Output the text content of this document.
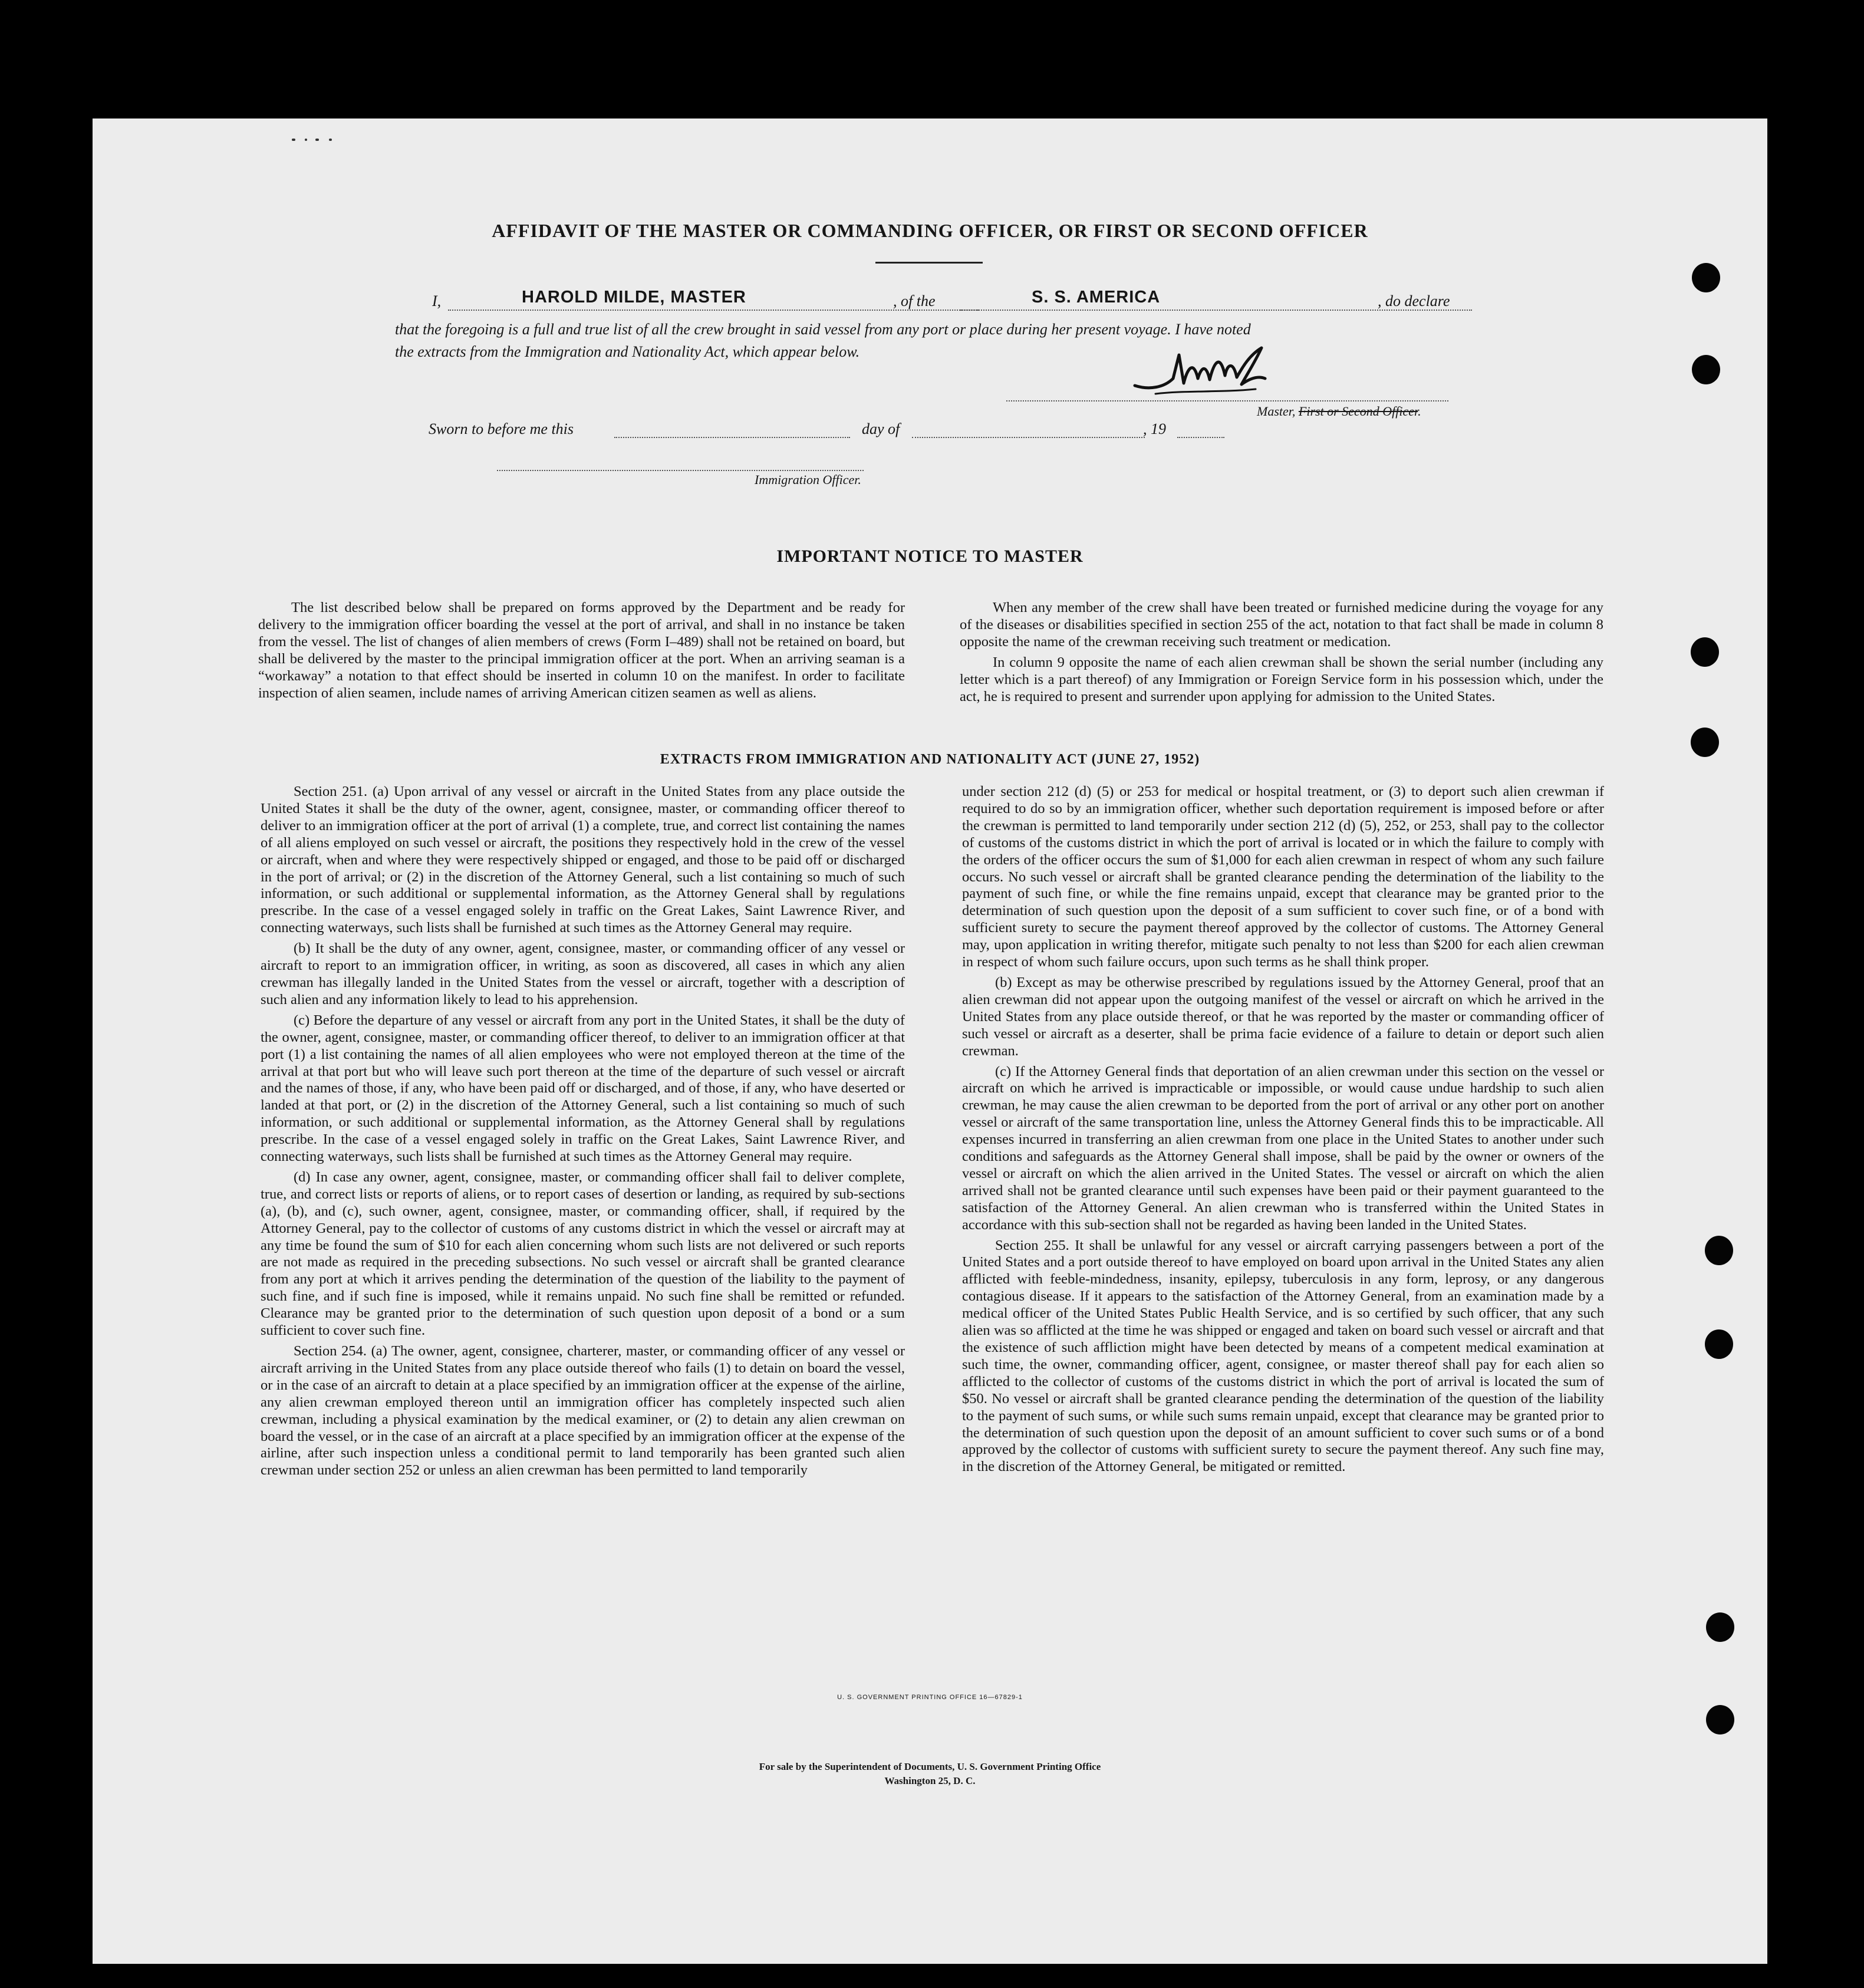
AFFIDAVIT OF THE MASTER OR COMMANDING OFFICER, OR FIRST OR SECOND OFFICER
I,	HAROLD MILDE, MASTER	, of the	S. S. AMERICA	, do declare
that the foregoing is a full and true list of all the crew brought in said vessel from any port or place during her present voyage. I have noted
the extracts from the Immigration and Nationality Act, which appear below.
Master, First or Second Officer.
Sworn to before me this	day of	, 19
Immigration Officer.
IMPORTANT NOTICE TO MASTER

The list described below shall be prepared on forms approved by the Department and be ready for delivery to the immigration officer boarding the vessel at the port of arrival, and shall in no instance be taken from the vessel. The list of changes of alien members of crews (Form I–489) shall not be retained on board, but shall be delivered by the master to the principal immigration officer at the port. When an arriving seaman is a “workaway” a notation to that effect should be inserted in column 10 on the manifest. In order to facilitate inspection of alien seamen, include names of arriving American citizen seamen as well as aliens.

When any member of the crew shall have been treated or furnished medicine during the voyage for any of the diseases or disabilities specified in section 255 of the act, notation to that fact shall be made in column 8 opposite the name of the crewman receiving such treatment or medication.

In column 9 opposite the name of each alien crewman shall be shown the serial number (including any letter which is a part thereof) of any Immigration or Foreign Service form in his possession which, under the act, he is required to present and surrender upon applying for admission to the United States.

EXTRACTS FROM IMMIGRATION AND NATIONALITY ACT (JUNE 27, 1952)

Section 251. (a) Upon arrival of any vessel or aircraft in the United States from any place outside the United States it shall be the duty of the owner, agent, consignee, master, or commanding officer thereof to deliver to an immigration officer at the port of arrival (1) a complete, true, and correct list containing the names of all aliens employed on such vessel or aircraft, the positions they respectively hold in the crew of the vessel or aircraft, when and where they were respectively shipped or engaged, and those to be paid off or discharged in the port of arrival; or (2) in the discretion of the Attorney General, such a list containing so much of such information, or such additional or supplemental information, as the Attorney General shall by regulations prescribe. In the case of a vessel engaged solely in traffic on the Great Lakes, Saint Lawrence River, and connecting waterways, such lists shall be furnished at such times as the Attorney General may require.

(b) It shall be the duty of any owner, agent, consignee, master, or commanding officer of any vessel or aircraft to report to an immigration officer, in writing, as soon as discovered, all cases in which any alien crewman has illegally landed in the United States from the vessel or aircraft, together with a description of such alien and any information likely to lead to his apprehension.

(c) Before the departure of any vessel or aircraft from any port in the United States, it shall be the duty of the owner, agent, consignee, master, or commanding officer thereof, to deliver to an immigration officer at that port (1) a list containing the names of all alien employees who were not employed thereon at the time of the arrival at that port but who will leave such port thereon at the time of the departure of such vessel or aircraft and the names of those, if any, who have been paid off or discharged, and of those, if any, who have deserted or landed at that port, or (2) in the discretion of the Attorney General, such a list containing so much of such information, or such additional or supplemental information, as the Attorney General shall by regulations prescribe. In the case of a vessel engaged solely in traffic on the Great Lakes, Saint Lawrence River, and connecting waterways, such lists shall be furnished at such times as the Attorney General may require.

(d) In case any owner, agent, consignee, master, or commanding officer shall fail to deliver complete, true, and correct lists or reports of aliens, or to report cases of desertion or landing, as required by sub-sections (a), (b), and (c), such owner, agent, consignee, master, or commanding officer, shall, if required by the Attorney General, pay to the collector of customs of any customs district in which the vessel or aircraft may at any time be found the sum of $10 for each alien concerning whom such lists are not delivered or such reports are not made as required in the preceding subsections. No such vessel or aircraft shall be granted clearance from any port at which it arrives pending the determination of the question of the liability to the payment of such fine, and if such fine is imposed, while it remains unpaid. No such fine shall be remitted or refunded. Clearance may be granted prior to the determination of such question upon deposit of a bond or a sum sufficient to cover such fine.

Section 254. (a) The owner, agent, consignee, charterer, master, or commanding officer of any vessel or aircraft arriving in the United States from any place outside thereof who fails (1) to detain on board the vessel, or in the case of an aircraft to detain at a place specified by an immigration officer at the expense of the airline, any alien crewman employed thereon until an immigration officer has completely inspected such alien crewman, including a physical examination by the medical examiner, or (2) to detain any alien crewman on board the vessel, or in the case of an aircraft at a place specified by an immigration officer at the expense of the airline, after such inspection unless a conditional permit to land temporarily has been granted such alien crewman under section 252 or unless an alien crewman has been permitted to land temporarily

under section 212 (d) (5) or 253 for medical or hospital treatment, or (3) to deport such alien crewman if required to do so by an immigration officer, whether such deportation requirement is imposed before or after the crewman is permitted to land temporarily under section 212 (d) (5), 252, or 253, shall pay to the collector of customs of the customs district in which the port of arrival is located or in which the failure to comply with the orders of the officer occurs the sum of $1,000 for each alien crewman in respect of whom any such failure occurs. No such vessel or aircraft shall be granted clearance pending the determination of the liability to the payment of such fine, or while the fine remains unpaid, except that clearance may be granted prior to the determination of such question upon the deposit of a sum sufficient to cover such fine, or of a bond with sufficient surety to secure the payment thereof approved by the collector of customs. The Attorney General may, upon application in writing therefor, mitigate such penalty to not less than $200 for each alien crewman in respect of whom such failure occurs, upon such terms as he shall think proper.

(b) Except as may be otherwise prescribed by regulations issued by the Attorney General, proof that an alien crewman did not appear upon the outgoing manifest of the vessel or aircraft on which he arrived in the United States from any place outside thereof, or that he was reported by the master or commanding officer of such vessel or aircraft as a deserter, shall be prima facie evidence of a failure to detain or deport such alien crewman.

(c) If the Attorney General finds that deportation of an alien crewman under this section on the vessel or aircraft on which he arrived is impracticable or impossible, or would cause undue hardship to such alien crewman, he may cause the alien crewman to be deported from the port of arrival or any other port on another vessel or aircraft of the same transportation line, unless the Attorney General finds this to be impracticable. All expenses incurred in transferring an alien crewman from one place in the United States to another under such conditions and safeguards as the Attorney General shall impose, shall be paid by the owner or owners of the vessel or aircraft on which the alien arrived in the United States. The vessel or aircraft on which the alien arrived shall not be granted clearance until such expenses have been paid or their payment guaranteed to the satisfaction of the Attorney General. An alien crewman who is transferred within the United States in accordance with this sub-section shall not be regarded as having been landed in the United States.

Section 255. It shall be unlawful for any vessel or aircraft carrying passengers between a port of the United States and a port outside thereof to have employed on board upon arrival in the United States any alien afflicted with feeble-mindedness, insanity, epilepsy, tuberculosis in any form, leprosy, or any dangerous contagious disease. If it appears to the satisfaction of the Attorney General, from an examination made by a medical officer of the United States Public Health Service, and is so certified by such officer, that any such alien was so afflicted at the time he was shipped or engaged and taken on board such vessel or aircraft and that the existence of such affliction might have been detected by means of a competent medical examination at such time, the owner, commanding officer, agent, consignee, or master thereof shall pay for each alien so afflicted to the collector of customs of the customs district in which the port of arrival is located the sum of $50. No vessel or aircraft shall be granted clearance pending the determination of the question of the liability to the payment of such sums, or while such sums remain unpaid, except that clearance may be granted prior to the determination of such question upon the deposit of an amount sufficient to cover such sums or of a bond approved by the collector of customs with sufficient surety to secure the payment thereof. Any such fine may, in the discretion of the Attorney General, be mitigated or remitted.

U. S. GOVERNMENT PRINTING OFFICE 16—67829-1
For sale by the Superintendent of Documents, U. S. Government Printing Office
Washington 25, D. C.
